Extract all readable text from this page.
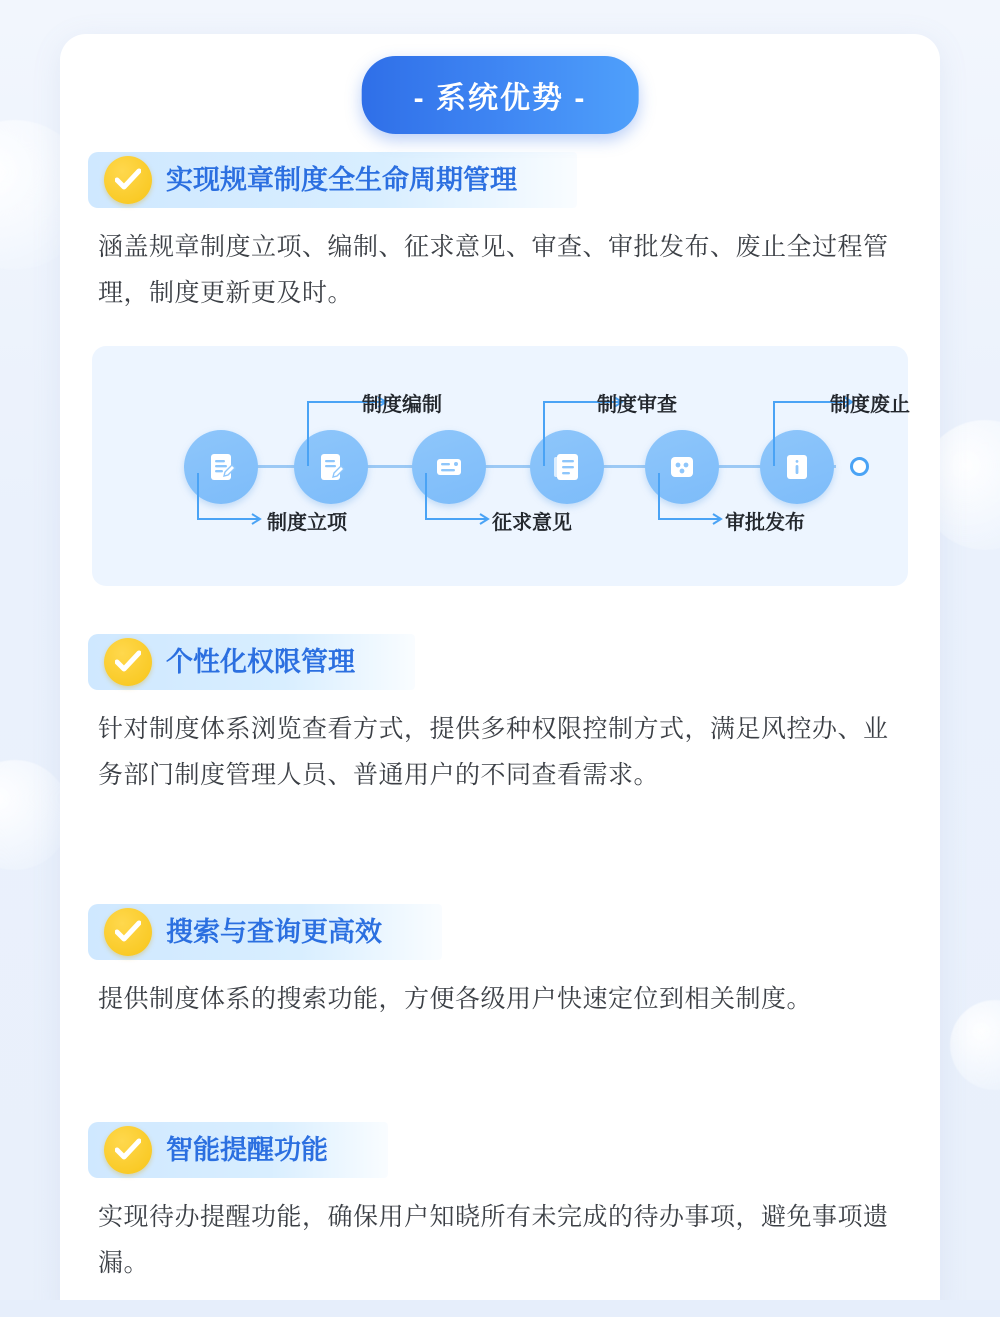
- 系统优势 -
实现规章制度全生命周期管理
涵盖规章制度立项、编制、征求意见、审查、审批发布、废止全过程管理，制度更新更及时。
制度立项
制度编制
征求意见
制度审查
审批发布
制度废止
个性化权限管理
针对制度体系浏览查看方式，提供多种权限控制方式，满足风控办、业务部门制度管理人员、普通用户的不同查看需求。
搜索与查询更高效
提供制度体系的搜索功能，方便各级用户快速定位到相关制度。
智能提醒功能
实现待办提醒功能，确保用户知晓所有未完成的待办事项，避免事项遗漏。
